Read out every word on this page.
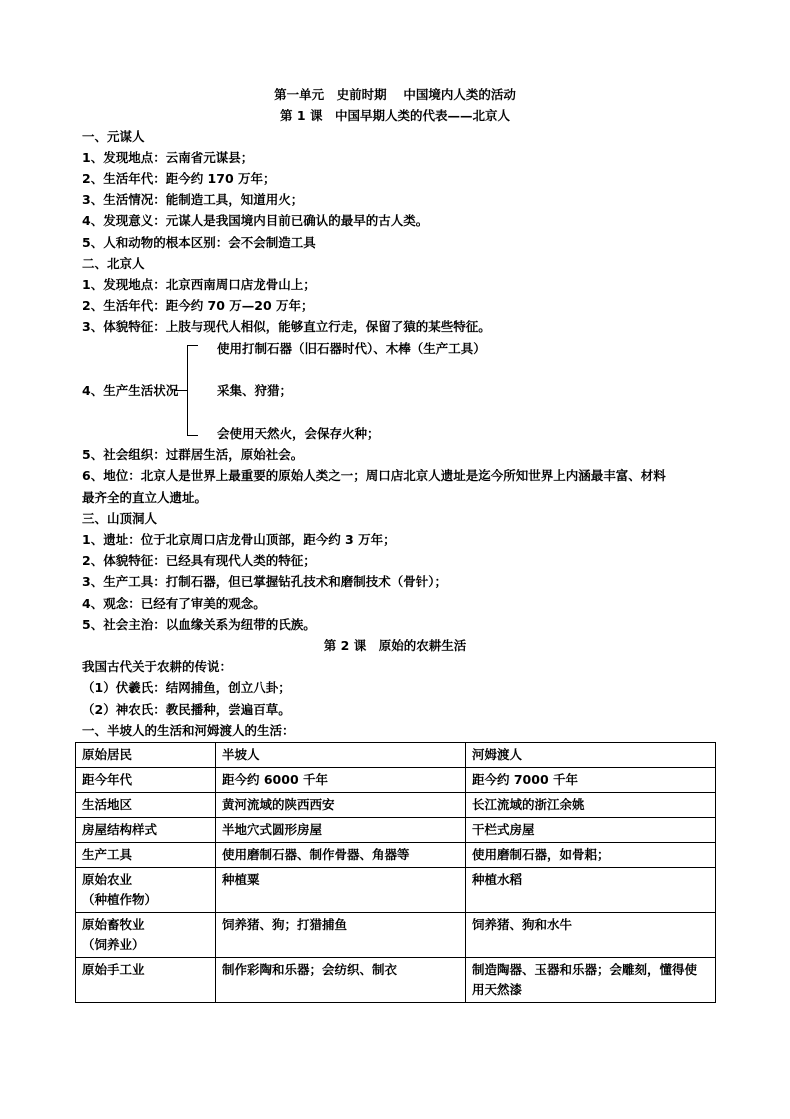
第一单元　史前时期　 中国境内人类的活动
第 1 课　中国早期人类的代表——北京人
一、元谋人
1、发现地点：云南省元谋县；
2、生活年代：距今约 170 万年；
3、生活情况：能制造工具，知道用火；
4、发现意义：元谋人是我国境内目前已确认的最早的古人类。
5、人和动物的根本区别：会不会制造工具
二、北京人
1、发现地点：北京西南周口店龙骨山上；
2、生活年代：距今约 70 万—20 万年；
3、体貌特征：上肢与现代人相似，能够直立行走，保留了猿的某些特征。
4、生产生活状况
使用打制石器（旧石器时代）、木棒（生产工具）
采集、狩猎；
会使用天然火，会保存火种；
5、社会组织：过群居生活，原始社会。
6、地位：北京人是世界上最重要的原始人类之一；周口店北京人遗址是迄今所知世界上内涵最丰富、材料
最齐全的直立人遗址。
三、山顶洞人
1、遗址：位于北京周口店龙骨山顶部，距今约 3 万年；
2、体貌特征：已经具有现代人类的特征；
3、生产工具：打制石器，但已掌握钻孔技术和磨制技术（骨针）；
4、观念：已经有了审美的观念。
5、社会主治：以血缘关系为纽带的氏族。
第 2 课　原始的农耕生活
我国古代关于农耕的传说：
（1）伏羲氏：结网捕鱼，创立八卦；
（2）神农氏：教民播种，尝遍百草。
一、半坡人的生活和河姆渡人的生活：
原始居民	半坡人	河姆渡人
距今年代	距今约 6000 千年	距今约 7000 千年
生活地区	黄河流域的陕西西安	长江流域的浙江余姚
房屋结构样式	半地穴式圆形房屋	干栏式房屋
生产工具	使用磨制石器、制作骨器、角器等	使用磨制石器，如骨耜；
原始农业
（种植作物）	种植粟	种植水稻
原始畜牧业
（饲养业）	饲养猪、狗；打猎捕鱼	饲养猪、狗和水牛
原始手工业	制作彩陶和乐器；会纺织、制衣	制造陶器、玉器和乐器；会雕刻，懂得使用天然漆
